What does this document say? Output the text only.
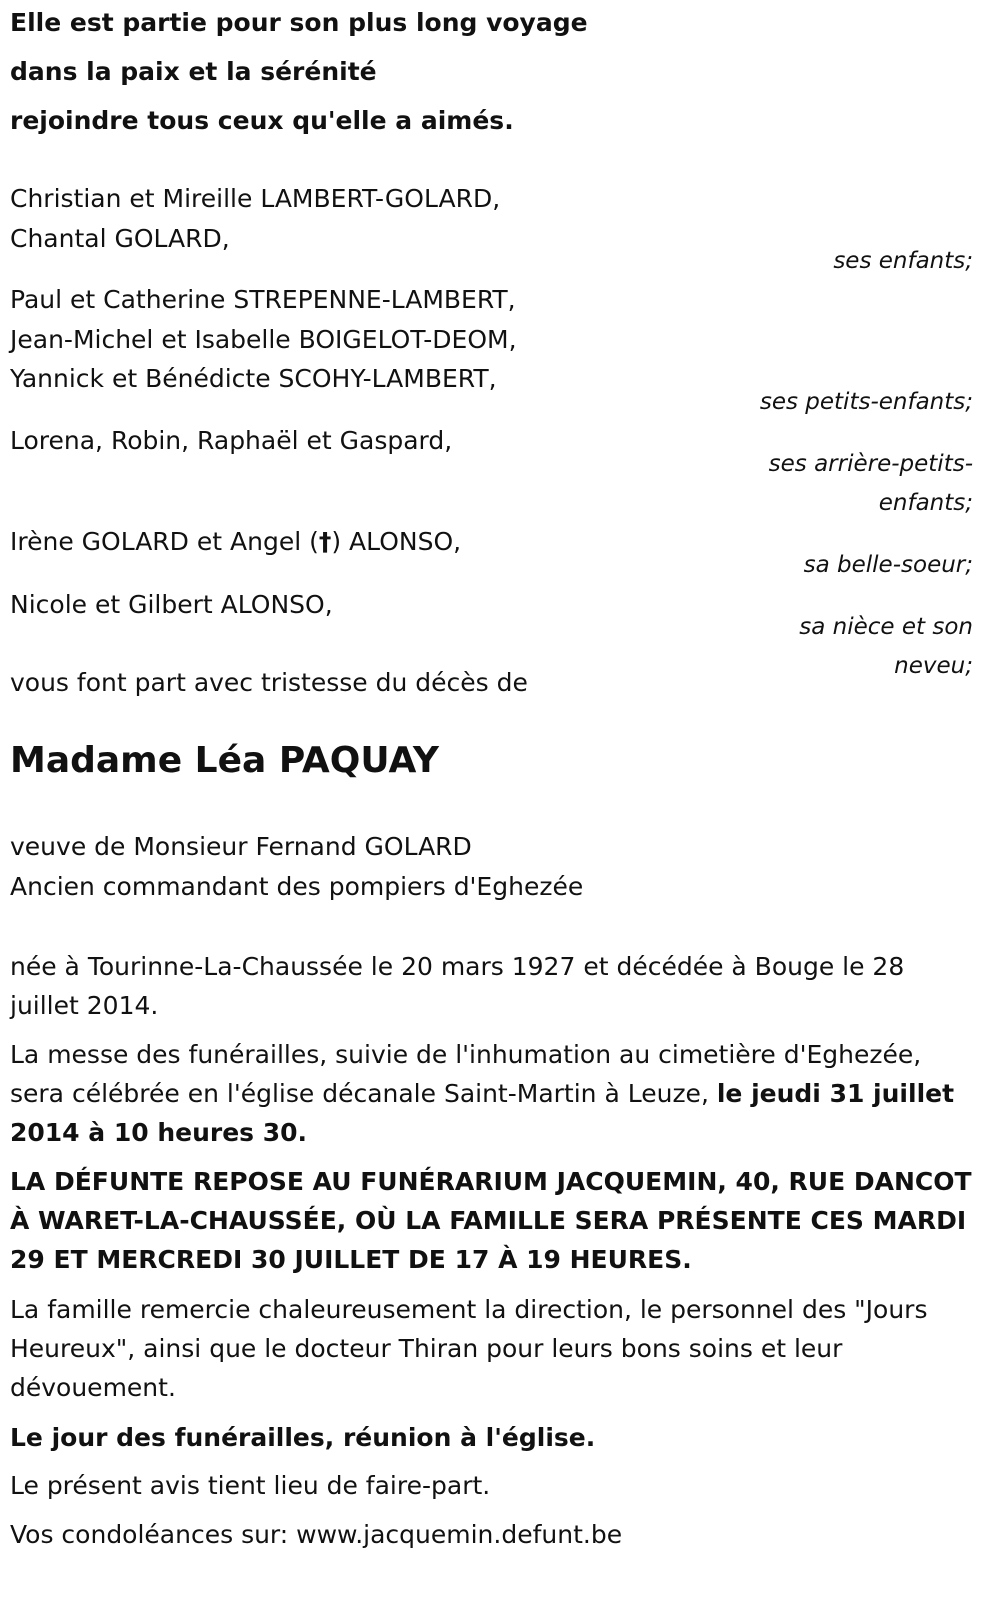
Elle est partie pour son plus long voyage
dans la paix et la sérénité
rejoindre tous ceux qu'elle a aimés.
Christian et Mireille LAMBERT-GOLARD,
Chantal GOLARD,
ses enfants;
Paul et Catherine STREPENNE-LAMBERT,
Jean-Michel et Isabelle BOIGELOT-DEOM,
Yannick et Bénédicte SCOHY-LAMBERT,
ses petits-enfants;
Lorena, Robin, Raphaël et Gaspard,
ses arrière-petits-
enfants;
Irène GOLARD et Angel (†) ALONSO,
sa belle-soeur;
Nicole et Gilbert ALONSO,
sa nièce et son
neveu;
vous font part avec tristesse du décès de
Madame Léa PAQUAY
veuve de Monsieur Fernand GOLARD
Ancien commandant des pompiers d'Eghezée
née à Tourinne-La-Chaussée le 20 mars 1927 et décédée à Bouge le 28 juillet 2014.
La messe des funérailles, suivie de l'inhumation au cimetière d'Eghezée, sera célébrée en l'église décanale Saint-Martin à Leuze, le jeudi 31 juillet 2014 à 10 heures 30.
LA DÉFUNTE REPOSE AU FUNÉRARIUM JACQUEMIN, 40, RUE DANCOT À WARET-LA-CHAUSSÉE, OÙ LA FAMILLE SERA PRÉSENTE CES MARDI 29 ET MERCREDI 30 JUILLET DE 17 À 19 HEURES.
La famille remercie chaleureusement la direction, le personnel des "Jours Heureux", ainsi que le docteur Thiran pour leurs bons soins et leur dévouement.
Le jour des funérailles, réunion à l'église.
Le présent avis tient lieu de faire-part.
Vos condoléances sur: www.jacquemin.defunt.be
